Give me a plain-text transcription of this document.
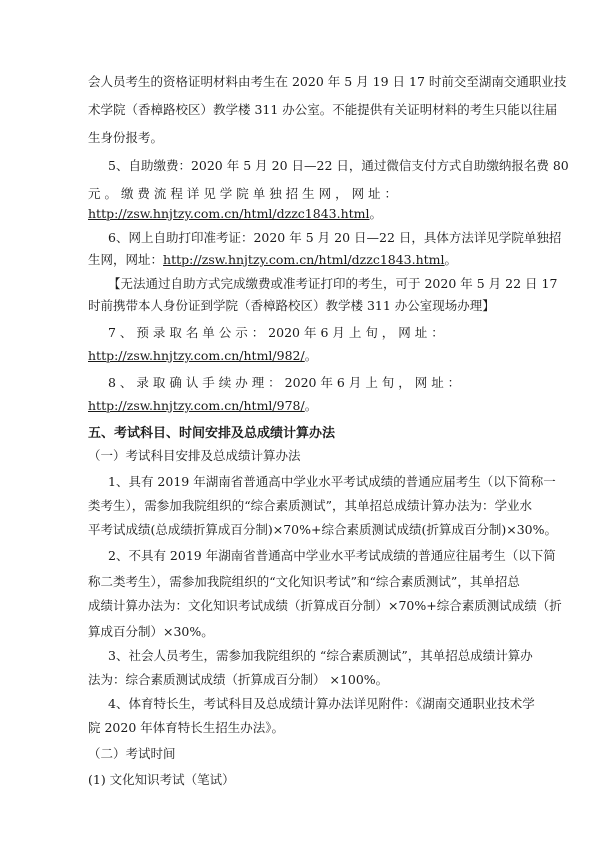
会人员考生的资格证明材料由考生在 2020 年 5 月 19 日 17 时前交至湖南交通职业技
术学院（香樟路校区）教学楼 311 办公室。不能提供有关证明材料的考生只能以往届
生身份报考。
5、自助缴费：2020 年 5 月 20 日—22 日，通过微信支付方式自助缴纳报名费 80
元 。 缴 费 流 程 详 见 学 院 单 独 招 生 网 ， 网 址 ：
http://zsw.hnjtzy.com.cn/html/dzzc1843.html。
6、网上自助打印准考证：2020 年 5 月 20 日—22 日，具体方法详见学院单独招
生网，网址：http://zsw.hnjtzy.com.cn/html/dzzc1843.html。
【无法通过自助方式完成缴费或准考证打印的考生，可于 2020 年 5 月 22 日 17
时前携带本人身份证到学院（香樟路校区）教学楼 311 办公室现场办理】
7 、 预 录 取 名 单 公 示 ： 2020 年 6 月 上 旬 ， 网 址 ：
http://zsw.hnjtzy.com.cn/html/982/。
8 、 录 取 确 认 手 续 办 理 ： 2020 年 6 月 上 旬 ， 网 址 ：
http://zsw.hnjtzy.com.cn/html/978/。
五、考试科目、时间安排及总成绩计算办法
（一）考试科目安排及总成绩计算办法
1、具有 2019 年湖南省普通高中学业水平考试成绩的普通应届考生（以下简称一
类考生），需参加我院组织的“综合素质测试”，其单招总成绩计算办法为：学业水
平考试成绩(总成绩折算成百分制)×70%+综合素质测试成绩(折算成百分制)×30%。
2、不具有 2019 年湖南省普通高中学业水平考试成绩的普通应往届考生（以下简
称二类考生），需参加我院组织的“文化知识考试”和“综合素质测试”，其单招总
成绩计算办法为：文化知识考试成绩（折算成百分制）×70%+综合素质测试成绩（折
算成百分制）×30%。
3、社会人员考生，需参加我院组织的 “综合素质测试”，其单招总成绩计算办
法为：综合素质测试成绩（折算成百分制） ×100%。
4、体育特长生，考试科目及总成绩计算办法详见附件：《湖南交通职业技术学
院 2020 年体育特长生招生办法》。
（二）考试时间
(1) 文化知识考试（笔试）
